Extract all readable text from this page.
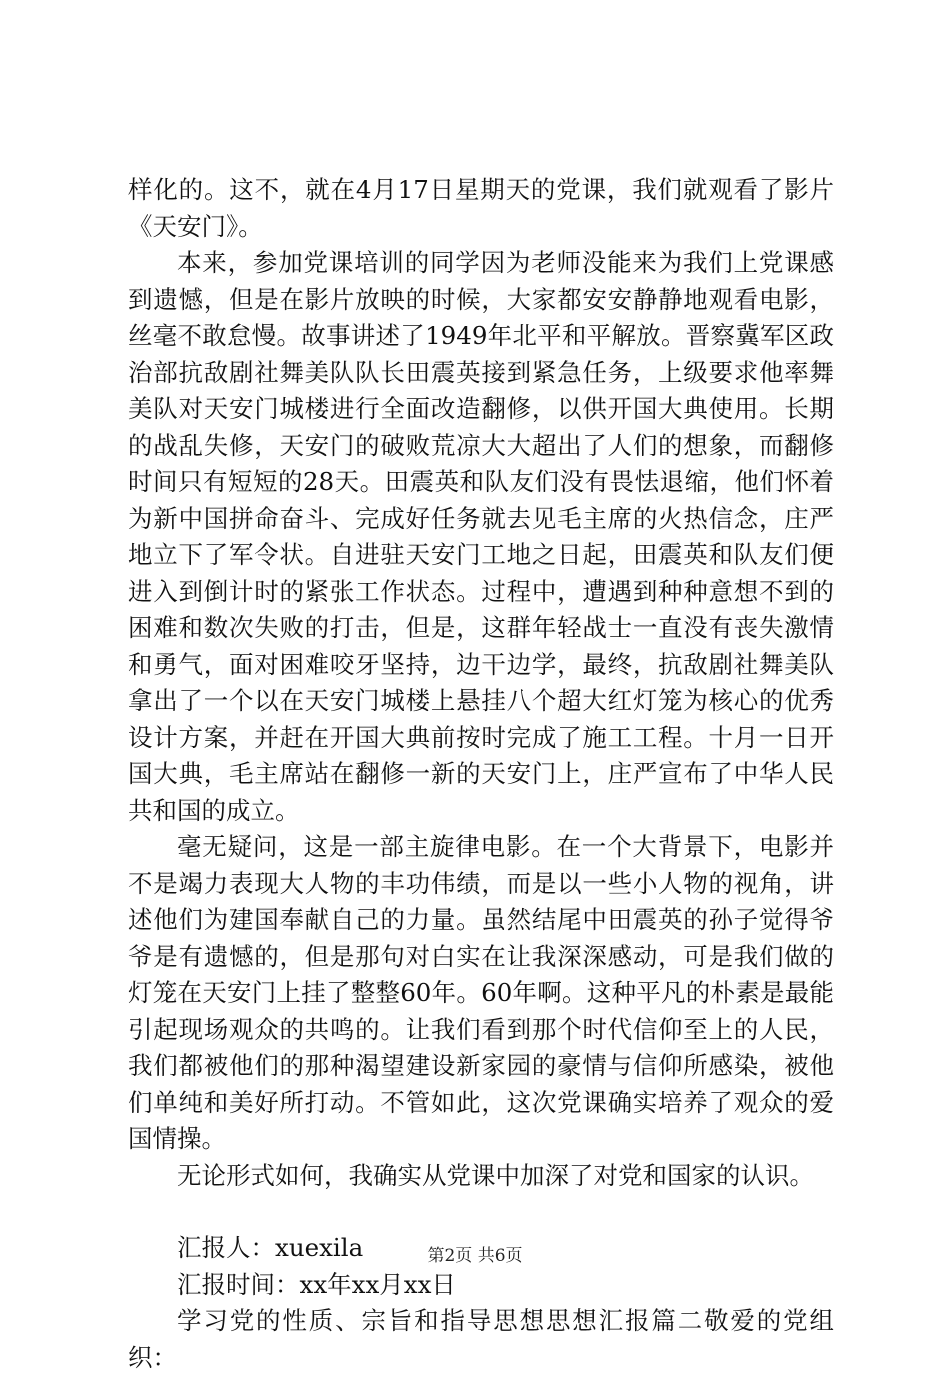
样化的。这不，就在4月17日星期天的党课，我们就观看了影片《天安门》。

本来，参加党课培训的同学因为老师没能来为我们上党课感到遗憾，但是在影片放映的时候，大家都安安静静地观看电影，丝毫不敢怠慢。故事讲述了1949年北平和平解放。晋察冀军区政治部抗敌剧社舞美队队长田震英接到紧急任务，上级要求他率舞美队对天安门城楼进行全面改造翻修，以供开国大典使用。长期的战乱失修，天安门的破败荒凉大大超出了人们的想象，而翻修时间只有短短的28天。田震英和队友们没有畏怯退缩，他们怀着为新中国拼命奋斗、完成好任务就去见毛主席的火热信念，庄严地立下了军令状。自进驻天安门工地之日起，田震英和队友们便进入到倒计时的紧张工作状态。过程中，遭遇到种种意想不到的困难和数次失败的打击，但是，这群年轻战士一直没有丧失激情和勇气，面对困难咬牙坚持，边干边学，最终，抗敌剧社舞美队拿出了一个以在天安门城楼上悬挂八个超大红灯笼为核心的优秀设计方案，并赶在开国大典前按时完成了施工工程。十月一日开国大典，毛主席站在翻修一新的天安门上，庄严宣布了中华人民共和国的成立。

毫无疑问，这是一部主旋律电影。在一个大背景下，电影并不是竭力表现大人物的丰功伟绩，而是以一些小人物的视角，讲述他们为建国奉献自己的力量。虽然结尾中田震英的孙子觉得爷爷是有遗憾的，但是那句对白实在让我深深感动，可是我们做的灯笼在天安门上挂了整整60年。60年啊。这种平凡的朴素是最能引起现场观众的共鸣的。让我们看到那个时代信仰至上的人民，我们都被他们的那种渴望建设新家园的豪情与信仰所感染，被他们单纯和美好所打动。不管如此，这次党课确实培养了观众的爱国情操。

无论形式如何，我确实从党课中加深了对党和国家的认识。

汇报人：xuexila

汇报时间：xx年xx月xx日

学习党的性质、宗旨和指导思想思想汇报篇二敬爱的党组织：

第2页 共6页
